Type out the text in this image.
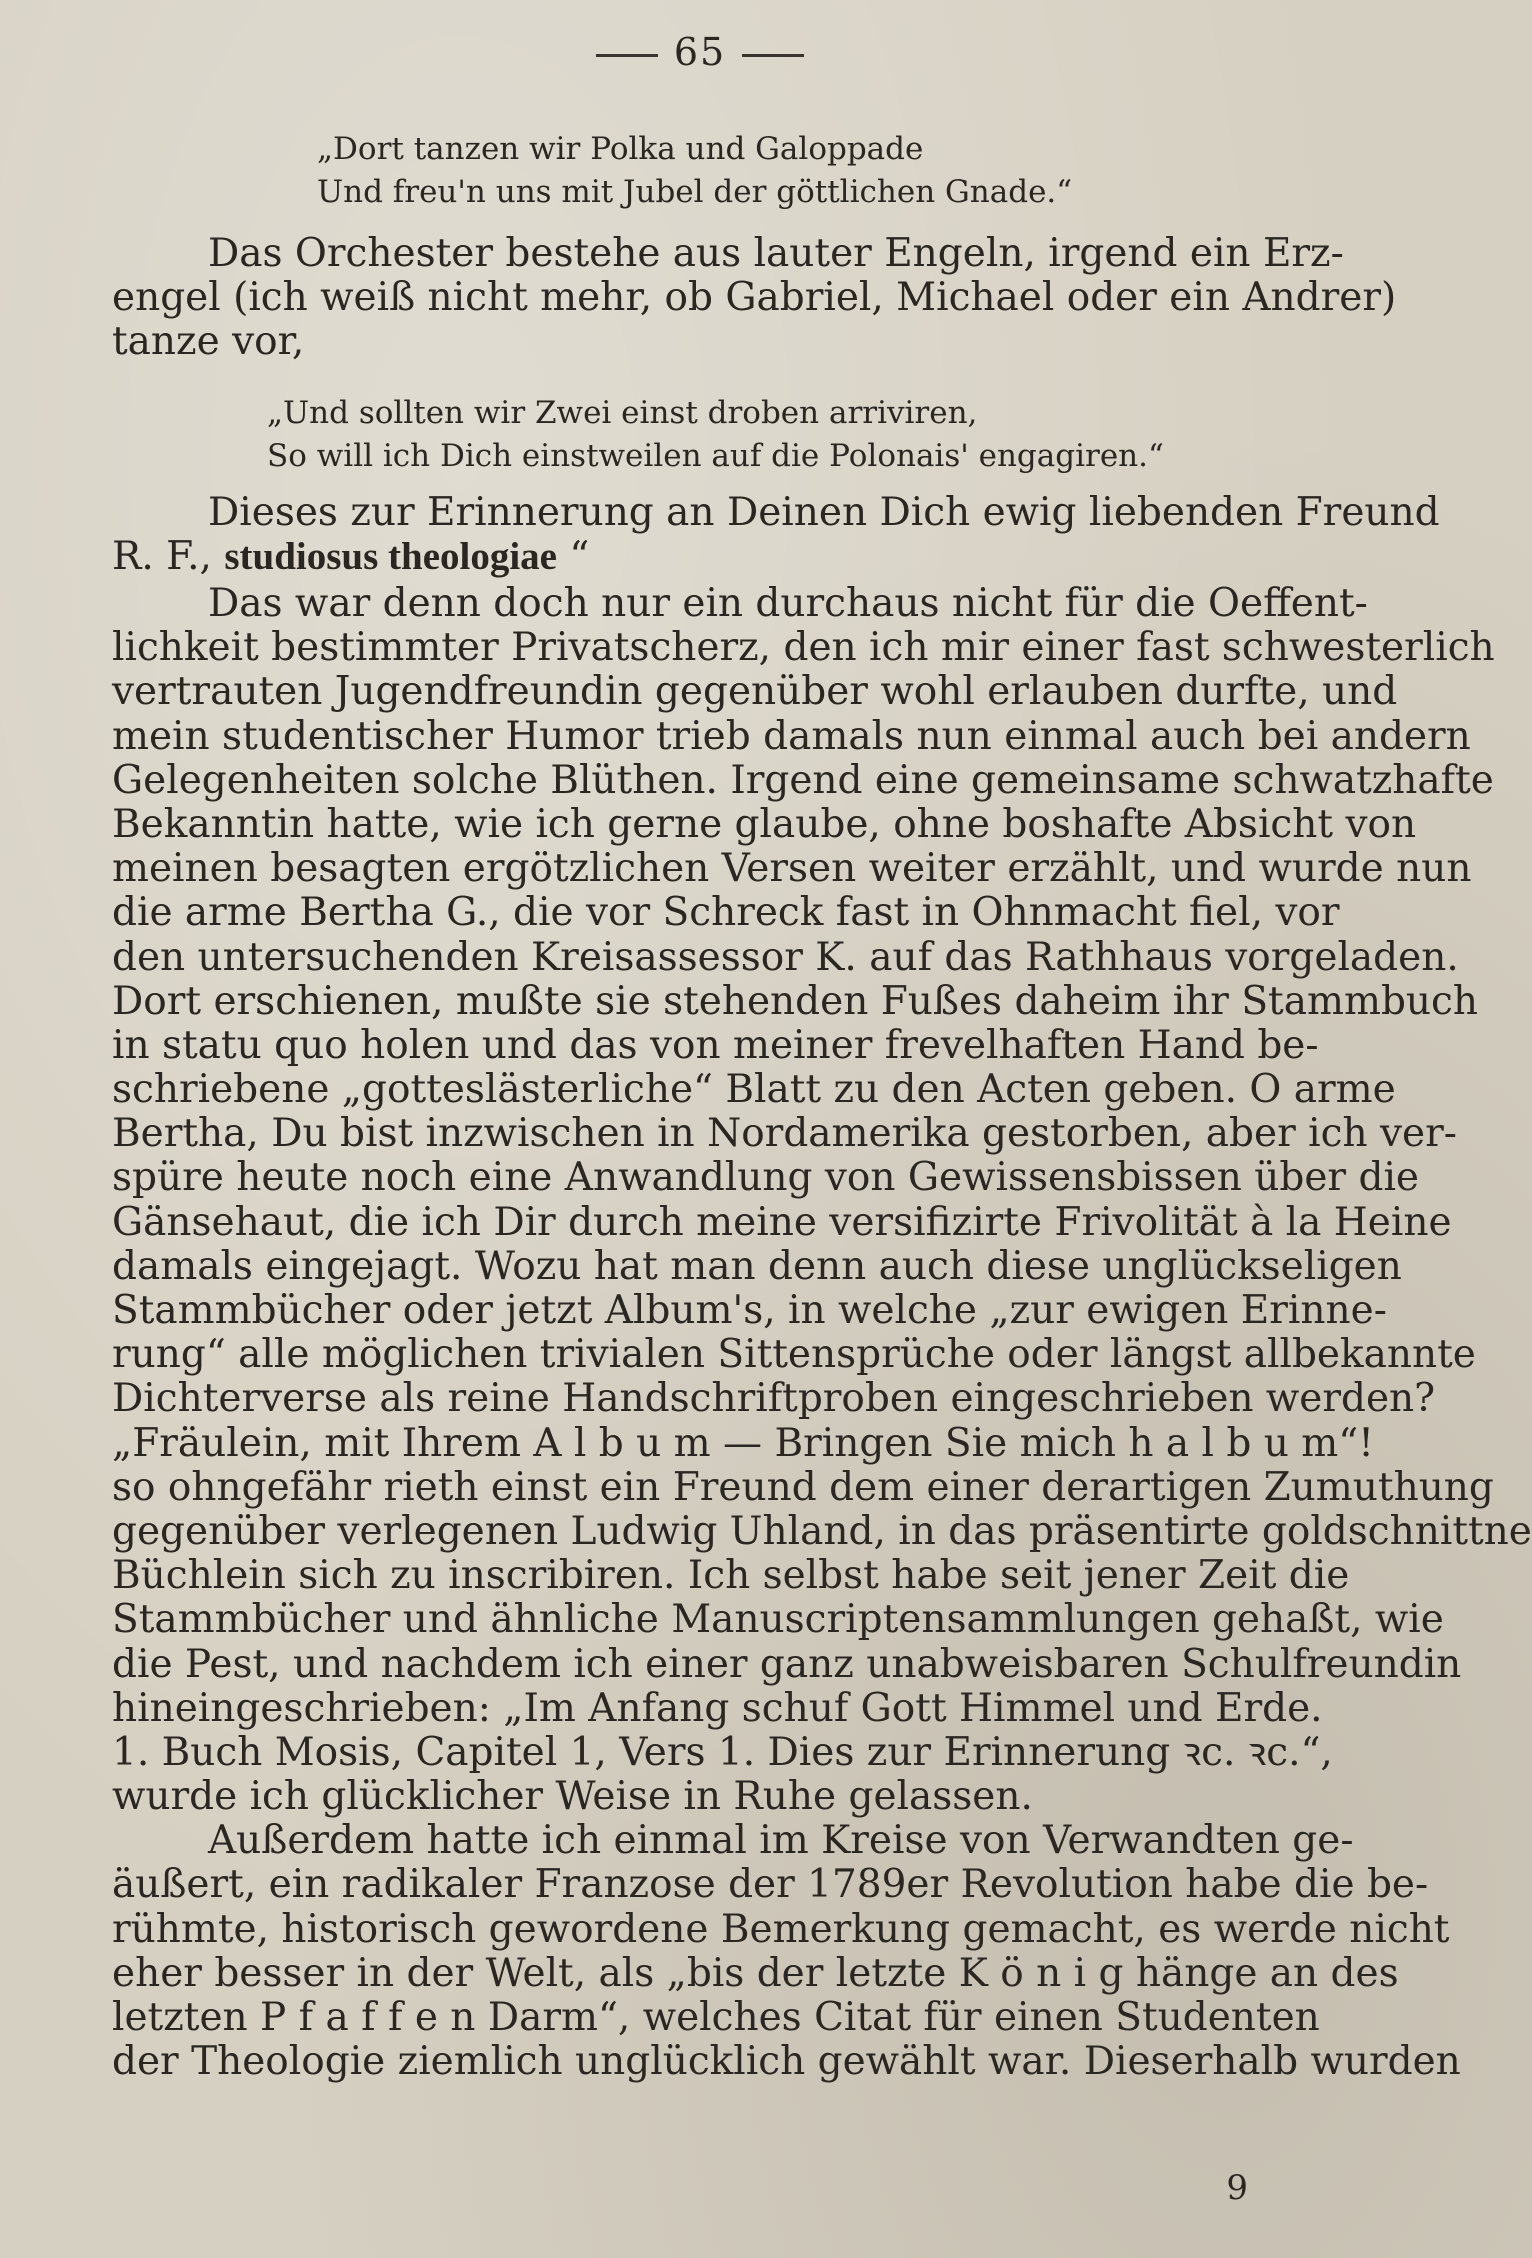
65
„Dort tanzen wir Polka und Galoppade
Und freu'n uns mit Jubel der göttlichen Gnade.“
Das Orchester bestehe aus lauter Engeln, irgend ein Erz-
engel (ich weiß nicht mehr, ob Gabriel, Michael oder ein Andrer)
tanze vor,
„Und sollten wir Zwei einst droben arriviren,
So will ich Dich einstweilen auf die Polonais' engagiren.“
Dieses zur Erinnerung an Deinen Dich ewig liebenden Freund
R. F., studiosus theologiae “
Das war denn doch nur ein durchaus nicht für die Oeffent-
lichkeit bestimmter Privatscherz, den ich mir einer fast schwesterlich
vertrauten Jugendfreundin gegenüber wohl erlauben durfte, und
mein studentischer Humor trieb damals nun einmal auch bei andern
Gelegenheiten solche Blüthen. Irgend eine gemeinsame schwatzhafte
Bekanntin hatte, wie ich gerne glaube, ohne boshafte Absicht von
meinen besagten ergötzlichen Versen weiter erzählt, und wurde nun
die arme Bertha G., die vor Schreck fast in Ohnmacht fiel, vor
den untersuchenden Kreisassessor K. auf das Rathhaus vorgeladen.
Dort erschienen, mußte sie stehenden Fußes daheim ihr Stammbuch
in statu quo holen und das von meiner frevelhaften Hand be-
schriebene „gotteslästerliche“ Blatt zu den Acten geben. O arme
Bertha, Du bist inzwischen in Nordamerika gestorben, aber ich ver-
spüre heute noch eine Anwandlung von Gewissensbissen über die
Gänsehaut, die ich Dir durch meine versifizirte Frivolität à la Heine
damals eingejagt. Wozu hat man denn auch diese unglückseligen
Stammbücher oder jetzt Album's, in welche „zur ewigen Erinne-
rung“ alle möglichen trivialen Sittensprüche oder längst allbekannte
Dichterverse als reine Handschriftproben eingeschrieben werden?
„Fräulein, mit Ihrem A l b u m — Bringen Sie mich h a l b u m“!
so ohngefähr rieth einst ein Freund dem einer derartigen Zumuthung
gegenüber verlegenen Ludwig Uhland, in das präsentirte goldschnittne
Büchlein sich zu inscribiren. Ich selbst habe seit jener Zeit die
Stammbücher und ähnliche Manuscriptensammlungen gehaßt, wie
die Pest, und nachdem ich einer ganz unabweisbaren Schulfreundin
hineingeschrieben: „Im Anfang schuf Gott Himmel und Erde.
1. Buch Mosis, Capitel 1, Vers 1. Dies zur Erinnerung ꝛc. ꝛc.“,
wurde ich glücklicher Weise in Ruhe gelassen.
Außerdem hatte ich einmal im Kreise von Verwandten ge-
äußert, ein radikaler Franzose der 1789er Revolution habe die be-
rühmte, historisch gewordene Bemerkung gemacht, es werde nicht
eher besser in der Welt, als „bis der letzte K ö n i g hänge an des
letzten P f a f f e n Darm“, welches Citat für einen Studenten
der Theologie ziemlich unglücklich gewählt war. Dieserhalb wurden
9
